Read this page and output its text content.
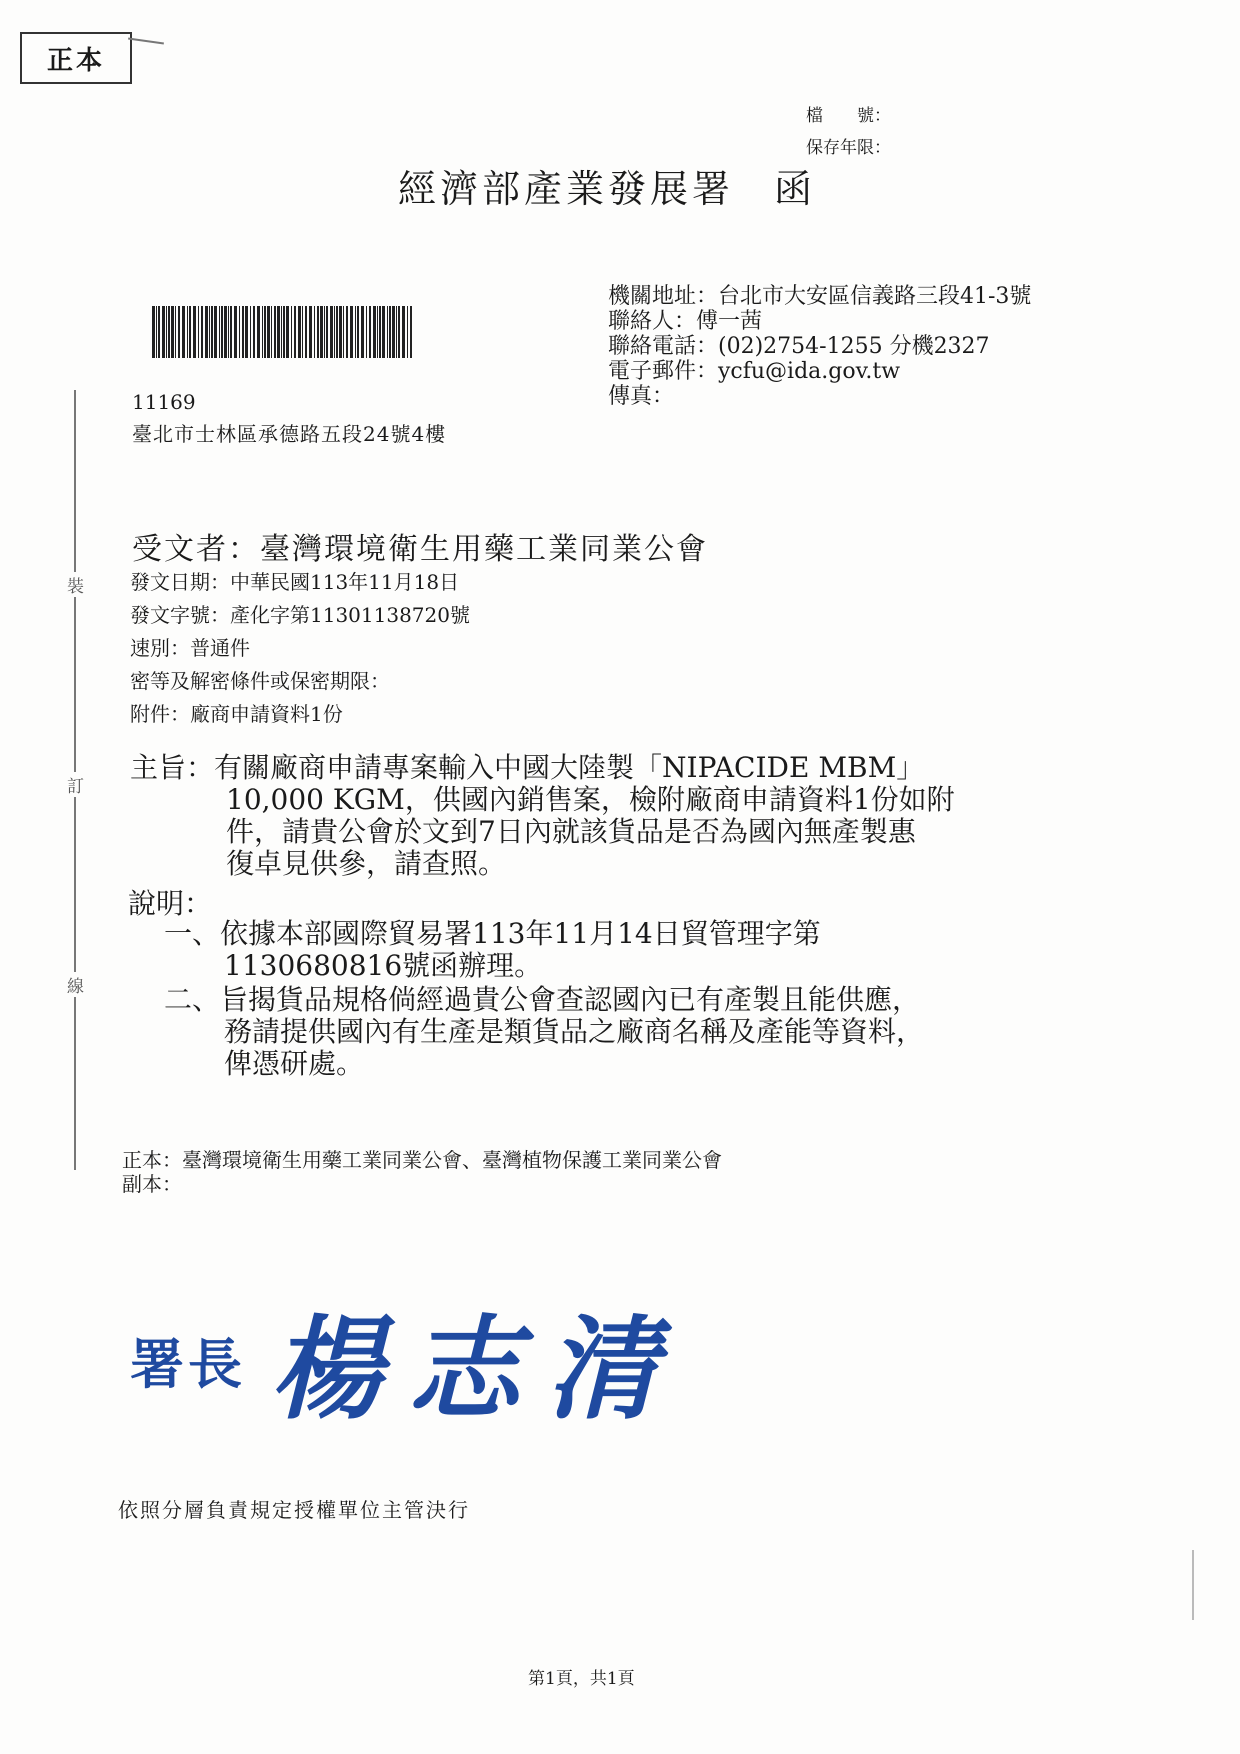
正本
檔　　號：
保存年限：
經濟部產業發展署 函
機關地址：台北市大安區信義路三段41-3號
聯絡人：傅一茜
聯絡電話：(02)2754-1255 分機2327
電子郵件：ycfu@ida.gov.tw
傳真：
11169
臺北市士林區承德路五段24號4樓
裝
訂
線
受文者：臺灣環境衛生用藥工業同業公會
發文日期：中華民國113年11月18日
發文字號：產化字第11301138720號
速別：普通件
密等及解密條件或保密期限：
附件：廠商申請資料1份
主旨：有關廠商申請專案輸入中國大陸製「NIPACIDE MBM」
10,000 KGM，供國內銷售案，檢附廠商申請資料1份如附
件，請貴公會於文到7日內就該貨品是否為國內無產製惠
復卓見供參，請查照。
說明：
一、依據本部國際貿易署113年11月14日貿管理字第
1130680816號函辦理。
二、旨揭貨品規格倘經過貴公會查認國內已有產製且能供應，
務請提供國內有生產是類貨品之廠商名稱及產能等資料，
俾憑研處。
正本：臺灣環境衛生用藥工業同業公會、臺灣植物保護工業同業公會
副本：
署長 楊志清
依照分層負責規定授權單位主管決行
第1頁，共1頁
